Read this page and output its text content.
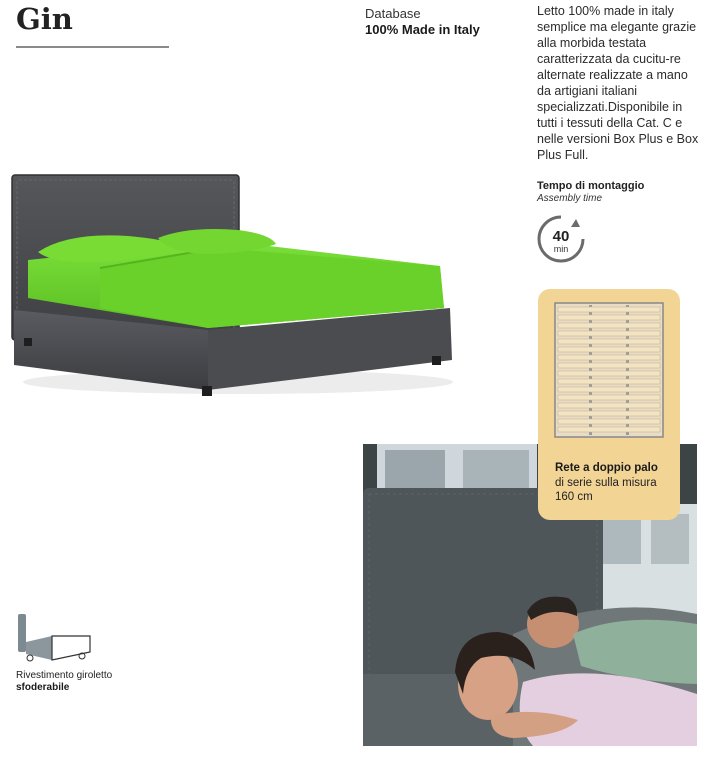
Gin	Database
100% Made in Italy
Letto 100% made in italy semplice ma elegante grazie alla morbida testata caratterizzata da cucitu-re alternate realizzate a mano da artigiani italiani specializzati.Disponibile in tutti i tessuti della Cat. C e nelle versioni Box Plus e Box Plus Full.
Tempo di montaggio
Assembly time
40
min
Rete a doppio palo
di serie sulla misura 160 cm
Rivestimento giroletto
sfoderabile
